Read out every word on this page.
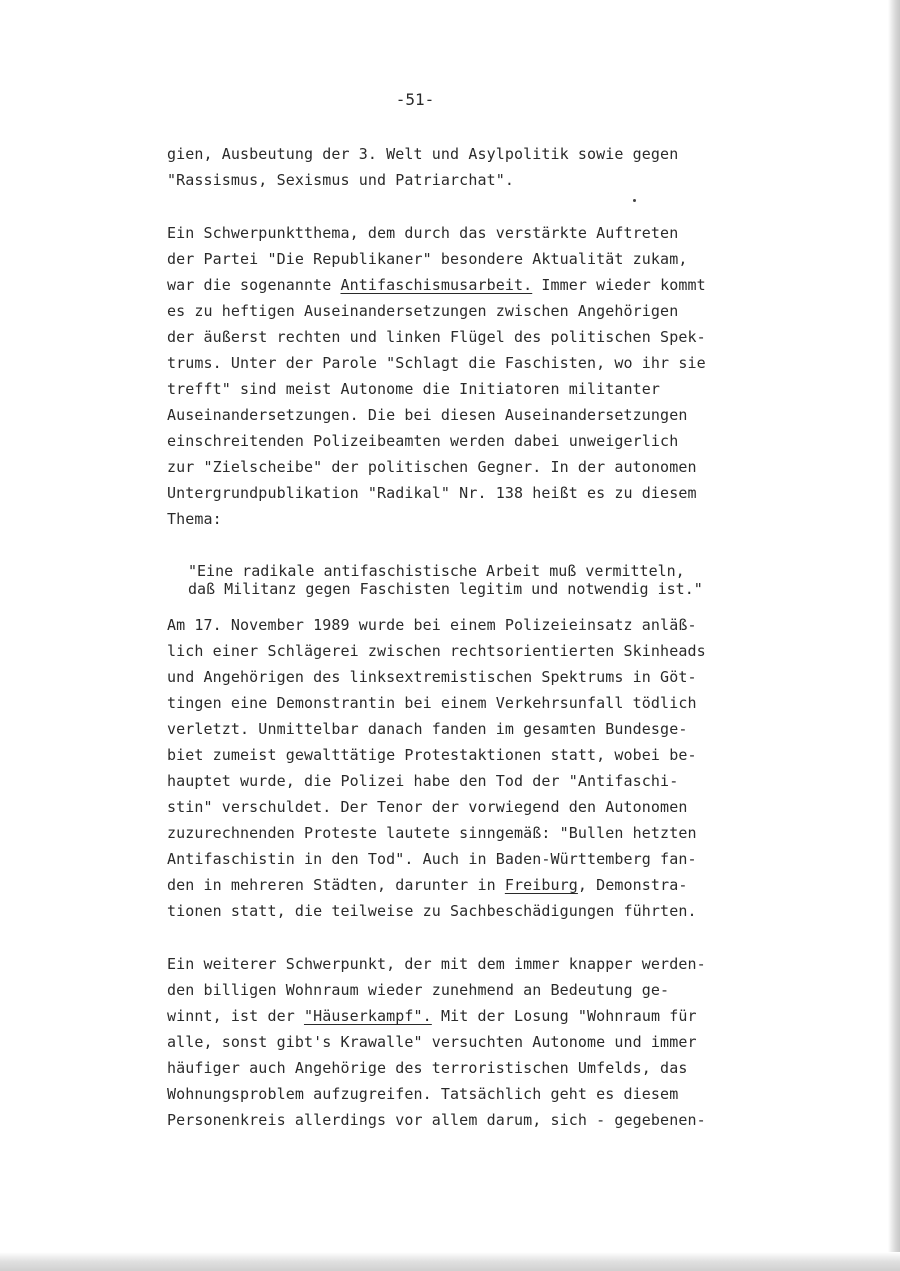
-51-
gien, Ausbeutung der 3. Welt und Asylpolitik sowie gegen
"Rassismus, Sexismus und Patriarchat".
Ein Schwerpunktthema, dem durch das verstärkte Auftreten
der Partei "Die Republikaner" besondere Aktualität zukam,
war die sogenannte Antifaschismusarbeit. Immer wieder kommt
es zu heftigen Auseinandersetzungen zwischen Angehörigen
der äußerst rechten und linken Flügel des politischen Spek-
trums. Unter der Parole "Schlagt die Faschisten, wo ihr sie
trefft" sind meist Autonome die Initiatoren militanter
Auseinandersetzungen. Die bei diesen Auseinandersetzungen
einschreitenden Polizeibeamten werden dabei unweigerlich
zur "Zielscheibe" der politischen Gegner. In der autonomen
Untergrundpublikation "Radikal" Nr. 138 heißt es zu diesem
Thema:
"Eine radikale antifaschistische Arbeit muß vermitteln,
daß Militanz gegen Faschisten legitim und notwendig ist."
Am 17. November 1989 wurde bei einem Polizeieinsatz anläß-
lich einer Schlägerei zwischen rechtsorientierten Skinheads
und Angehörigen des linksextremistischen Spektrums in Göt-
tingen eine Demonstrantin bei einem Verkehrsunfall tödlich
verletzt. Unmittelbar danach fanden im gesamten Bundesge-
biet zumeist gewalttätige Protestaktionen statt, wobei be-
hauptet wurde, die Polizei habe den Tod der "Antifaschi-
stin" verschuldet. Der Tenor der vorwiegend den Autonomen
zuzurechnenden Proteste lautete sinngemäß: "Bullen hetzten
Antifaschistin in den Tod". Auch in Baden-Württemberg fan-
den in mehreren Städten, darunter in Freiburg, Demonstra-
tionen statt, die teilweise zu Sachbeschädigungen führten.
Ein weiterer Schwerpunkt, der mit dem immer knapper werden-
den billigen Wohnraum wieder zunehmend an Bedeutung ge-
winnt, ist der "Häuserkampf". Mit der Losung "Wohnraum für
alle, sonst gibt's Krawalle" versuchten Autonome und immer
häufiger auch Angehörige des terroristischen Umfelds, das
Wohnungsproblem aufzugreifen. Tatsächlich geht es diesem
Personenkreis allerdings vor allem darum, sich - gegebenen-
